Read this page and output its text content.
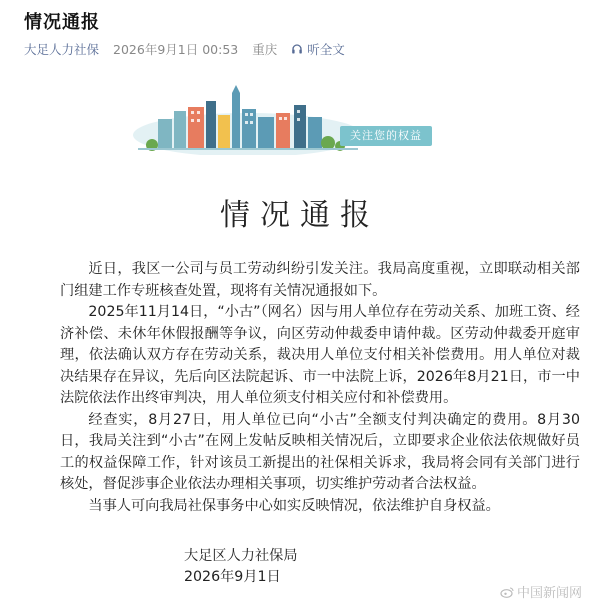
情况通报
大足人力社保 2026年9月1日 00:53 重庆 听全文
关注您的权益
情况通报

近日，我区一公司与员工劳动纠纷引发关注。我局高度重视，立即联动相关部门组建工作专班核查处置，现将有关情况通报如下。

2025年11月14日，“小古”（网名）因与用人单位存在劳动关系、加班工资、经济补偿、未休年休假报酬等争议，向区劳动仲裁委申请仲裁。区劳动仲裁委开庭审理，依法确认双方存在劳动关系，裁决用人单位支付相关补偿费用。用人单位对裁决结果存在异议，先后向区法院起诉、市一中法院上诉，2026年8月21日，市一中法院依法作出终审判决，用人单位须支付相关应付和补偿费用。

经查实，8月27日，用人单位已向“小古”全额支付判决确定的费用。8月30日，我局关注到“小古”在网上发帖反映相关情况后，立即要求企业依法依规做好员工的权益保障工作，针对该员工新提出的社保相关诉求，我局将会同有关部门进行核处，督促涉事企业依法办理相关事项，切实维护劳动者合法权益。

当事人可向我局社保事务中心如实反映情况，依法维护自身权益。

大足区人力社保局
2026年9月1日
中国新闻网
